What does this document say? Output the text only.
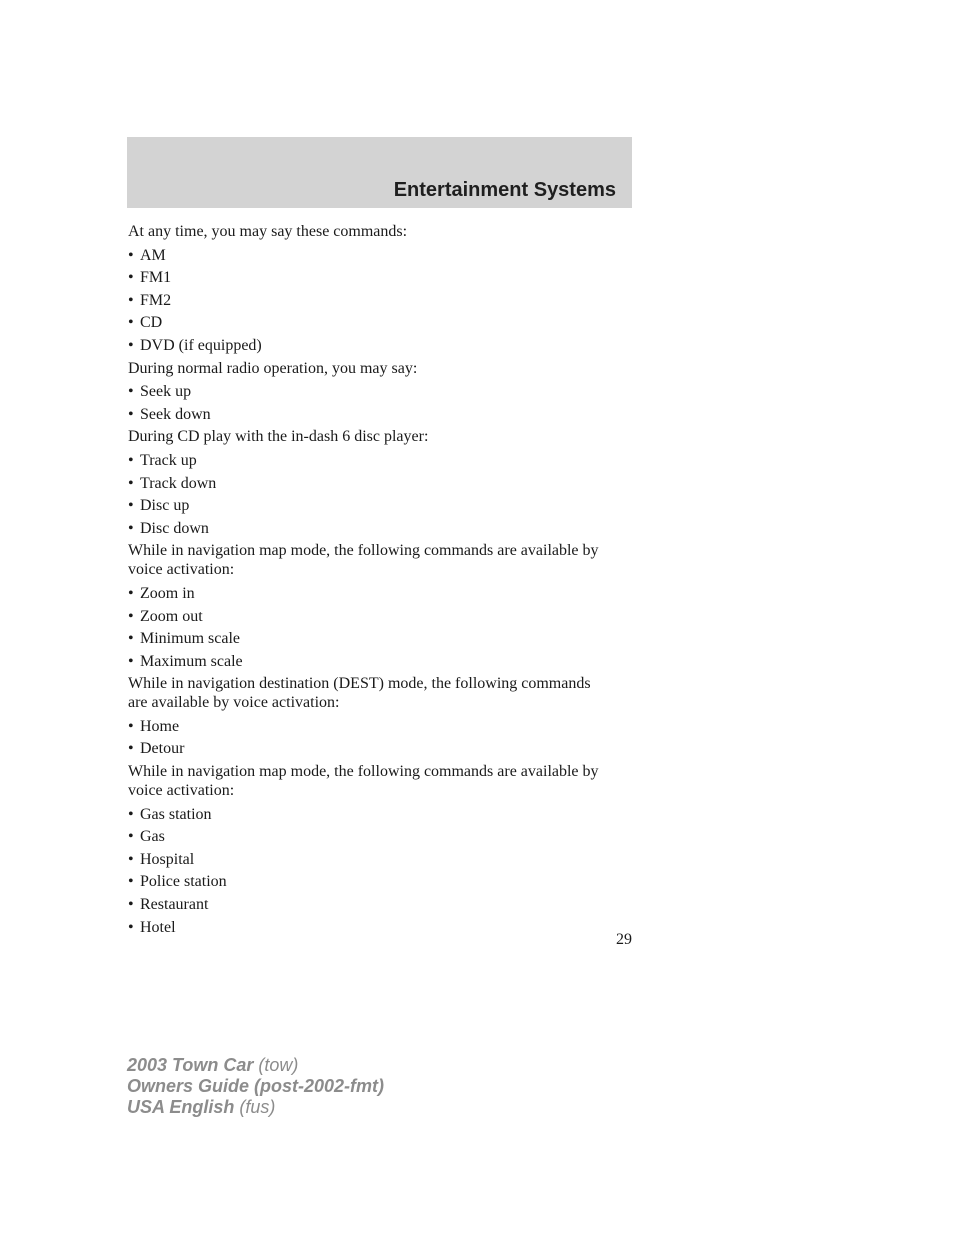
Entertainment Systems

At any time, you may say these commands:

• AM
• FM1
• FM2
• CD
• DVD (if equipped)

During normal radio operation, you may say:

• Seek up
• Seek down

During CD play with the in-dash 6 disc player:

• Track up
• Track down
• Disc up
• Disc down

While in navigation map mode, the following commands are available by
voice activation:

• Zoom in
• Zoom out
• Minimum scale
• Maximum scale

While in navigation destination (DEST) mode, the following commands
are available by voice activation:

• Home
• Detour

While in navigation map mode, the following commands are available by
voice activation:

• Gas station
• Gas
• Hospital
• Police station
• Restaurant
• Hotel
29
2003 Town Car (tow)
Owners Guide (post-2002-fmt)
USA English (fus)
